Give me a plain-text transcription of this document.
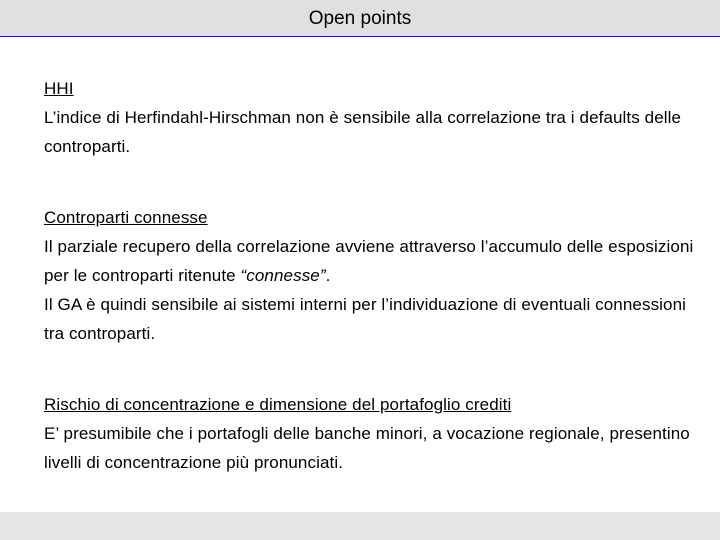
Open points
HHI
L’indice di Herfindahl-Hirschman non è sensibile alla correlazione tra i defaults delle controparti.
Controparti connesse
Il parziale recupero della correlazione avviene attraverso l’accumulo delle esposizioni per le controparti ritenute “connesse”.
Il GA è quindi sensibile ai sistemi interni per l’individuazione di eventuali connessioni tra controparti.
Rischio di concentrazione e dimensione del portafoglio crediti
E’ presumibile che i portafogli delle banche minori, a vocazione regionale, presentino livelli di concentrazione più pronunciati.
